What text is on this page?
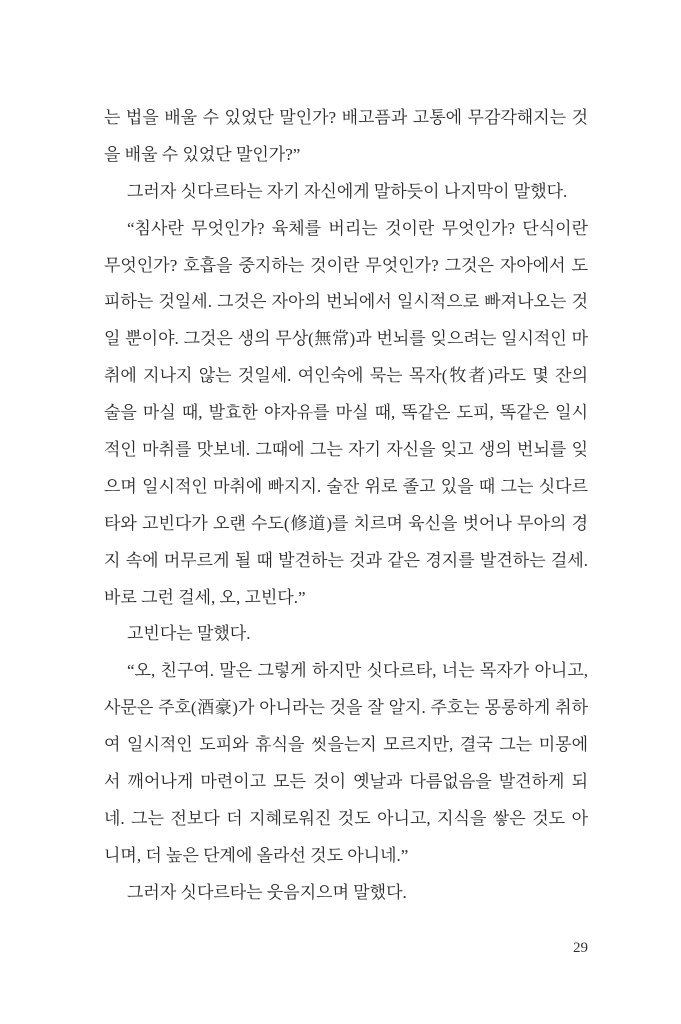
는 법을 배울 수 있었단 말인가? 배고픔과 고통에 무감각해지는 것
을 배울 수 있었단 말인가?”
그러자 싯다르타는 자기 자신에게 말하듯이 나지막이 말했다.
“침사란 무엇인가? 육체를 버리는 것이란 무엇인가? 단식이란
무엇인가? 호흡을 중지하는 것이란 무엇인가? 그것은 자아에서 도
피하는 것일세. 그것은 자아의 번뇌에서 일시적으로 빠져나오는 것
일 뿐이야. 그것은 생의 무상(無常)과 번뇌를 잊으려는 일시적인 마
취에 지나지 않는 것일세. 여인숙에 묵는 목자(牧者)라도 몇 잔의
술을 마실 때, 발효한 야자유를 마실 때, 똑같은 도피, 똑같은 일시
적인 마취를 맛보네. 그때에 그는 자기 자신을 잊고 생의 번뇌를 잊
으며 일시적인 마취에 빠지지. 술잔 위로 졸고 있을 때 그는 싯다르
타와 고빈다가 오랜 수도(修道)를 치르며 육신을 벗어나 무아의 경
지 속에 머무르게 될 때 발견하는 것과 같은 경지를 발견하는 걸세.
바로 그런 걸세, 오, 고빈다.”
고빈다는 말했다.
“오, 친구여. 말은 그렇게 하지만 싯다르타, 너는 목자가 아니고,
사문은 주호(酒豪)가 아니라는 것을 잘 알지. 주호는 몽롱하게 취하
여 일시적인 도피와 휴식을 씻을는지 모르지만, 결국 그는 미몽에
서 깨어나게 마련이고 모든 것이 옛날과 다름없음을 발견하게 되
네. 그는 전보다 더 지혜로워진 것도 아니고, 지식을 쌓은 것도 아
니며, 더 높은 단계에 올라선 것도 아니네.”
그러자 싯다르타는 웃음지으며 말했다.
29
